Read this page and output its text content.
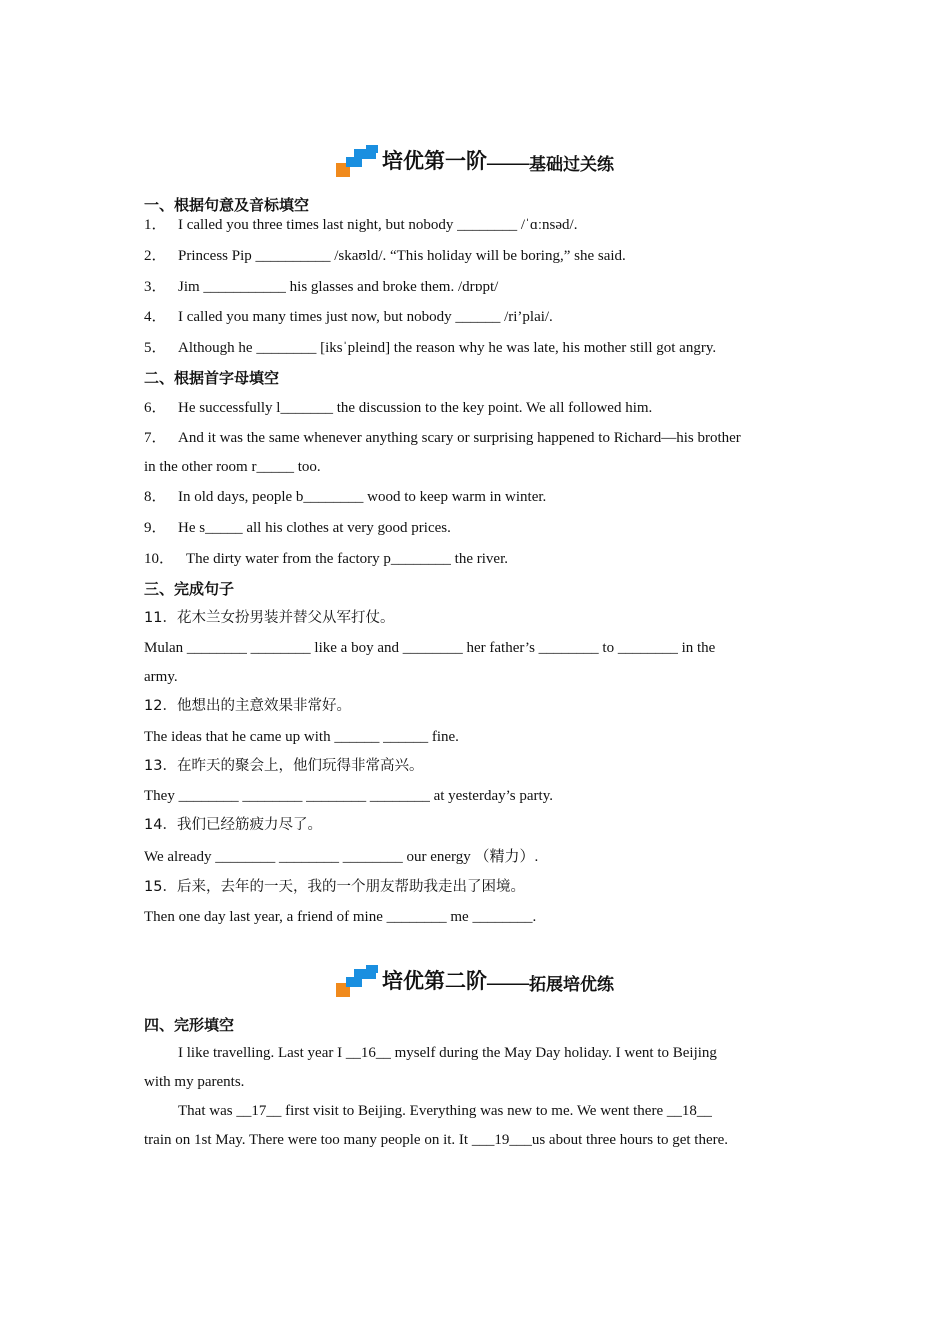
培优第一阶 —— 基础过关练
一、根据句意及音标填空
1． I called you three times last night, but nobody ________ /ˈɑːnsəd/.
2． Princess Pip __________ /skaʊld/. “This holiday will be boring,” she said.
3． Jim ___________ his glasses and broke them. /drɒpt/
4． I called you many times just now, but nobody ______ /ri’plai/.
5． Although he ________ [iksˈpleind] the reason why he was late, his mother still got angry.
二、根据首字母填空
6． He successfully l_______ the discussion to the key point. We all followed him.
7． And it was the same whenever anything scary or surprising happened to Richard—his brother
in the other room r_____ too.
8． In old days, people b________ wood to keep warm in winter.
9． He s_____ all his clothes at very good prices.
10． The dirty water from the factory p________ the river.
三、完成句子
11．花木兰女扮男装并替父从军打仗。
Mulan ________ ________ like a boy and ________ her father’s ________ to ________ in the
army.
12．他想出的主意效果非常好。
The ideas that he came up with ______ ______ fine.
13．在昨天的聚会上，他们玩得非常高兴。
They ________ ________ ________ ________ at yesterday’s party.
14．我们已经筋疲力尽了。
We already ________ ________ ________ our energy （精力）.
15．后来，去年的一天，我的一个朋友帮助我走出了困境。
Then one day last year, a friend of mine ________ me ________.
培优第二阶 —— 拓展培优练
四、完形填空
I like travelling. Last year I __16__ myself during the May Day holiday. I went to Beijing
with my parents.
That was __17__ first visit to Beijing. Everything was new to me. We went there __18__
train on 1st May. There were too many people on it. It ___19___us about three hours to get there.
